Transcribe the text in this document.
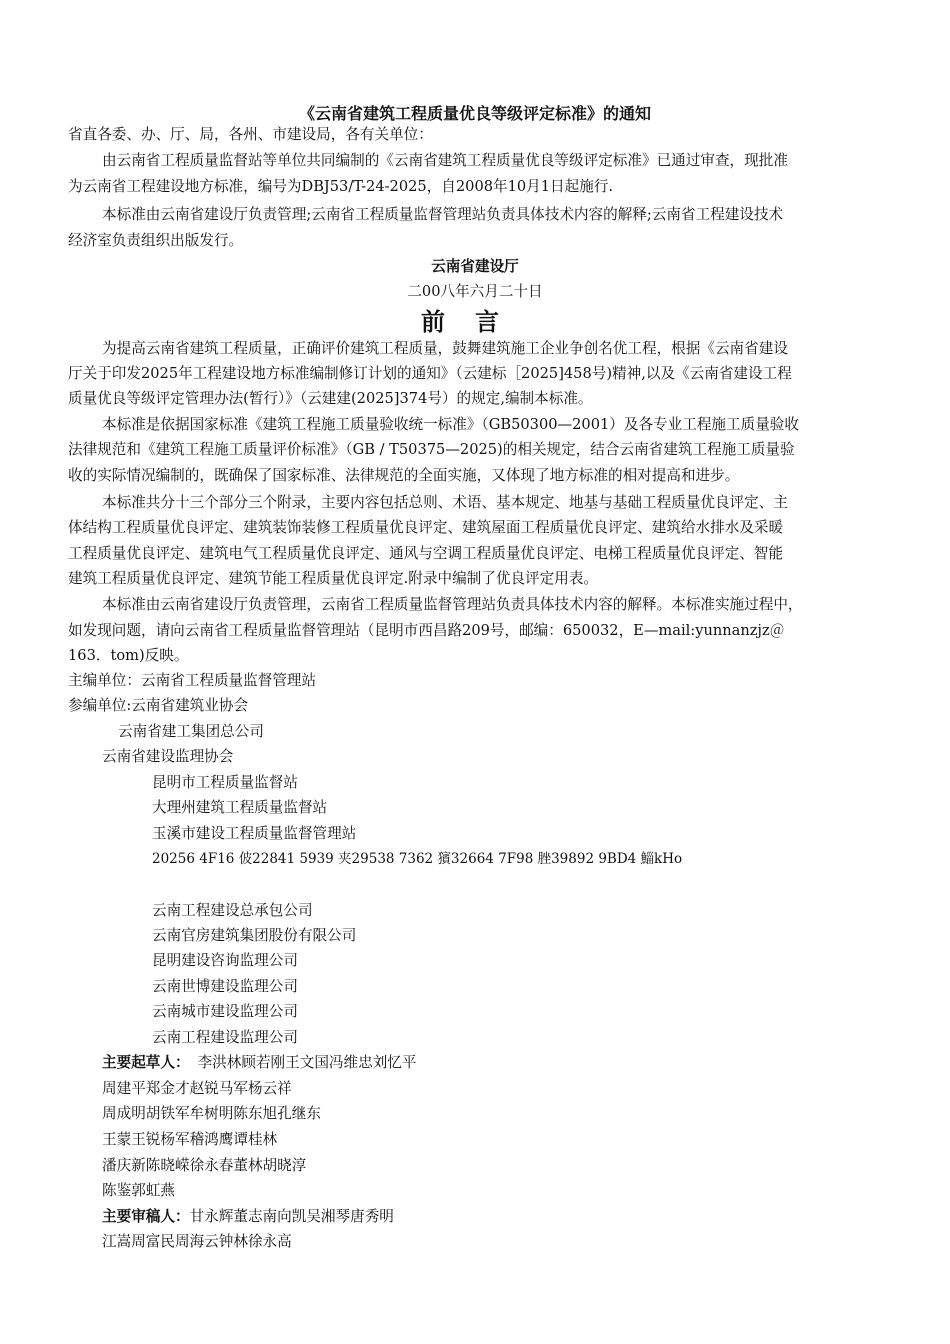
《云南省建筑工程质量优良等级评定标准》的通知
省直各委、办、厅、局，各州、市建设局，各有关单位：
由云南省工程质量监督站等单位共同编制的《云南省建筑工程质量优良等级评定标准》已通过审查，现批准
为云南省工程建设地方标准，编号为DBJ53/T-24-2025，自2008年10月1日起施行.
本标准由云南省建设厅负责管理;云南省工程质量监督管理站负责具体技术内容的解释;云南省工程建设技术
经济室负责组织出版发行。
云南省建设厅
二00八年六月二十日
前言
为提高云南省建筑工程质量，正确评价建筑工程质量，鼓舞建筑施工企业争创名优工程，根据《云南省建设
厅关于印发2025年工程建设地方标准编制修订计划的通知》（云建标［2025]458号)精神,以及《云南省建设工程
质量优良等级评定管理办法(暂行）》（云建建(2025]374号）的规定,编制本标准。
本标准是依据国家标准《建筑工程施工质量验收统一标准》（GB50300—2001）及各专业工程施工质量验收
法律规范和《建筑工程施工质量评价标准》（GB / T50375—2025)的相关规定，结合云南省建筑工程施工质量验
收的实际情况编制的，既确保了国家标准、法律规范的全面实施，又体现了地方标准的相对提高和进步。
本标准共分十三个部分三个附录，主要内容包括总则、术语、基本规定、地基与基础工程质量优良评定、主
体结构工程质量优良评定、建筑装饰装修工程质量优良评定、建筑屋面工程质量优良评定、建筑给水排水及采暖
工程质量优良评定、建筑电气工程质量优良评定、通风与空调工程质量优良评定、电梯工程质量优良评定、智能
建筑工程质量优良评定、建筑节能工程质量优良评定.附录中编制了优良评定用表。
本标准由云南省建设厅负责管理，云南省工程质量监督管理站负责具体技术内容的解释。本标准实施过程中，
如发现问题，请向云南省工程质量监督管理站（昆明市西昌路209号，邮编：650032，E—mail:yunnanzjz＠
163．tom)反映。
主编单位：云南省工程质量监督管理站
参编单位:云南省建筑业协会
云南省建工集团总公司
云南省建设监理协会
昆明市工程质量监督站
大理州建筑工程质量监督站
玉溪市建设工程质量监督管理站
20256 4F16 佊22841 5939 夹29538 7362 獱32664 7F98 脞39892 9BD4 鯔kHo
云南工程建设总承包公司
云南官房建筑集团股份有限公司
昆明建设咨询监理公司
云南世博建设监理公司
云南城市建设监理公司
云南工程建设监理公司
主要起草人： 李洪林顾若刚王文国冯维忠刘忆平
周建平郑金才赵锐马军杨云祥
周成明胡铁军牟树明陈东旭孔继东
王蒙王锐杨军稽鸿鹰谭桂林
潘庆新陈晓嵘徐永春董林胡晓淳
陈鉴郭虹燕
主要审稿人：甘永辉董志南向凯吴湘琴唐秀明
江嵩周富民周海云钟林徐永高
